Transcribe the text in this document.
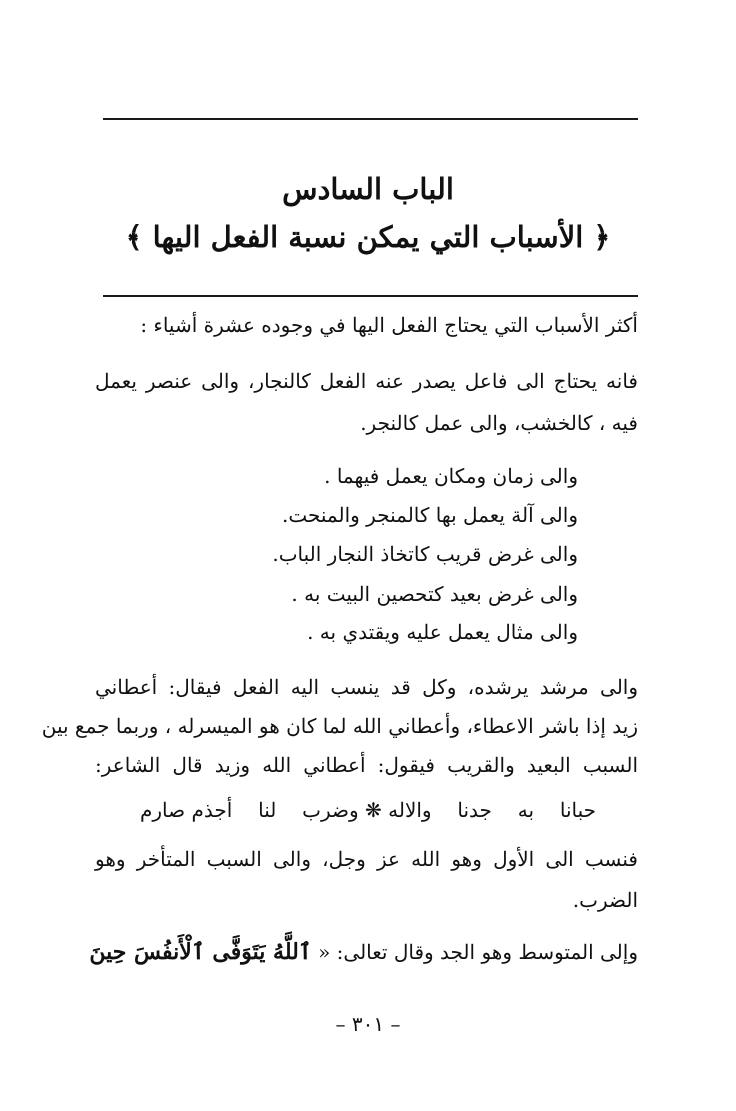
الباب السادس
﴿ الأسباب التي يمكن نسبة الفعل اليها ﴾
أكثر الأسباب التي يحتاج الفعل اليها في وجوده عشرة أشياء :
فانه يحتاج الى فاعل يصدر عنه الفعل كالنجار، والى عنصر يعمل
فيه ، كالخشب، والى عمل كالنجر.
والى زمان ومكان يعمل فيهما .
والى آلة يعمل بها كالمنجر والمنحت.
والى غرض قريب كاتخاذ النجار الباب.
والى غرض بعيد كتحصين البيت به .
والى مثال يعمل عليه ويقتدي به .
والى مرشد يرشده، وكل قد ينسب اليه الفعل فيقال: أعطاني
زيد إذا باشر الاعطاء، وأعطاني الله لما كان هو الميسرله ، وربما جمع بين
السبب البعيد والقريب فيقول: أعطاني الله وزيد قال الشاعر:
حبانا
به
جدنا
والاله ❋ وضرب
لنا
أجذم صارم
فنسب الى الأول وهو الله عز وجل، والى السبب المتأخر وهو
الضرب.
وإلى المتوسط وهو الجد وقال تعالى: « ٱللَّهُ يَتَوَفَّى ٱلْأَنفُسَ حِينَ
– ٣٠١ –
